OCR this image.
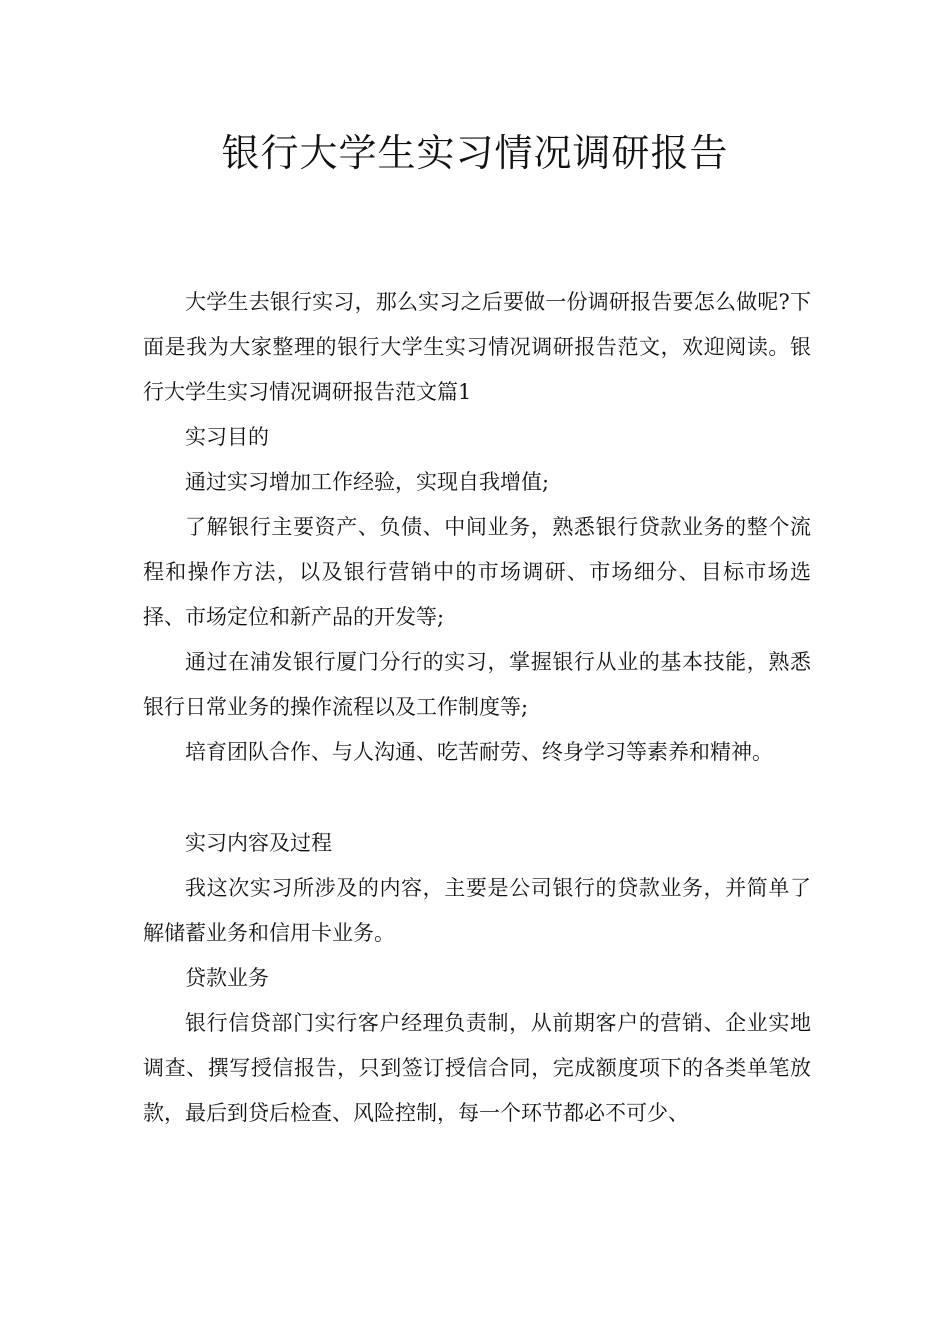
银行大学生实习情况调研报告

大学生去银行实习，那么实习之后要做一份调研报告要怎么做呢?下面是我为大家整理的银行大学生实习情况调研报告范文，欢迎阅读。银行大学生实习情况调研报告范文篇1

实习目的

通过实习增加工作经验，实现自我增值;

了解银行主要资产、负债、中间业务，熟悉银行贷款业务的整个流程和操作方法，以及银行营销中的市场调研、市场细分、目标市场选择、市场定位和新产品的开发等;

通过在浦发银行厦门分行的实习，掌握银行从业的基本技能，熟悉银行日常业务的操作流程以及工作制度等;

培育团队合作、与人沟通、吃苦耐劳、终身学习等素养和精神。

实习内容及过程

我这次实习所涉及的内容，主要是公司银行的贷款业务，并简单了解储蓄业务和信用卡业务。

贷款业务

银行信贷部门实行客户经理负责制，从前期客户的营销、企业实地调查、撰写授信报告，只到签订授信合同，完成额度项下的各类单笔放款，最后到贷后检查、风险控制，每一个环节都必不可少、
